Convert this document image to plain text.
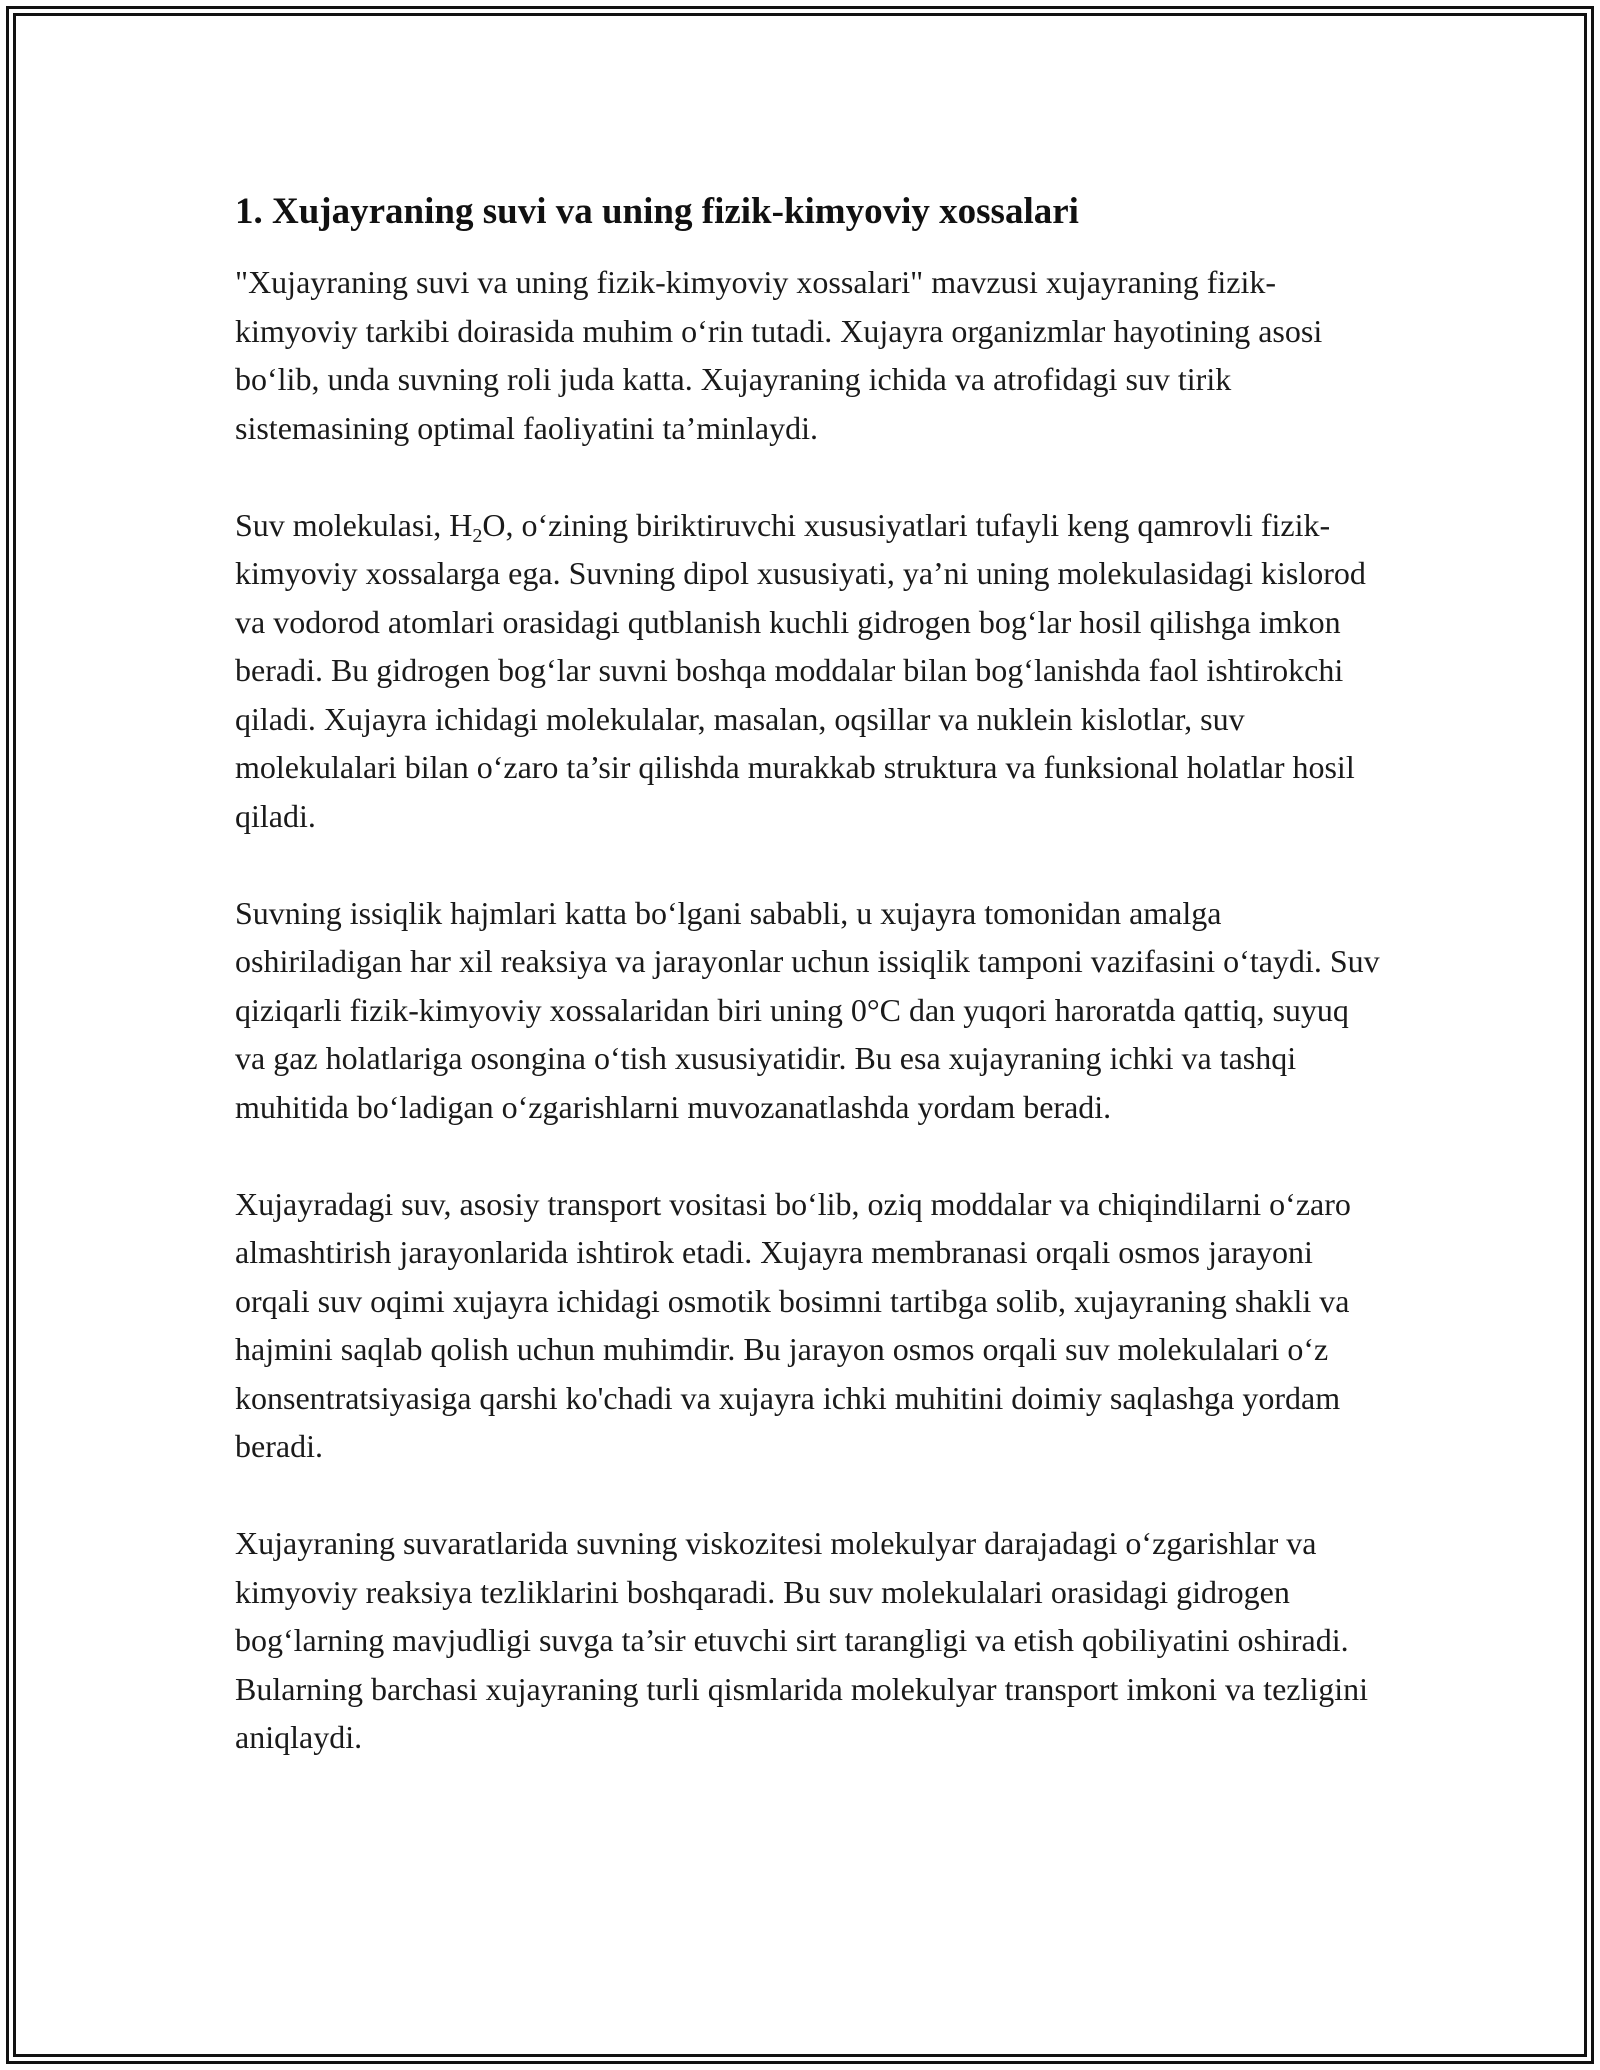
1. Xujayraning suvi va uning fizik-kimyoviy xossalari

"Xujayraning suvi va uning fizik-kimyoviy xossalari" mavzusi xujayraning fizik-kimyoviy tarkibi doirasida muhim o‘rin tutadi. Xujayra organizmlar hayotining asosi bo‘lib, unda suvning roli juda katta. Xujayraning ichida va atrofidagi suv tirik sistemasining optimal faoliyatini ta’minlaydi.

Suv molekulasi, $H_2O$, o‘zining biriktiruvchi xususiyatlari tufayli keng qamrovli fizik-kimyoviy xossalarga ega. Suvning dipol xususiyati, ya’ni uning molekulasidagi kislorod va vodorod atomlari orasidagi qutblanish kuchli gidrogen bog‘lar hosil qilishga imkon beradi. Bu gidrogen bog‘lar suvni boshqa moddalar bilan bog‘lanishda faol ishtirokchi qiladi. Xujayra ichidagi molekulalar, masalan, oqsillar va nuklein kislotlar, suv molekulalari bilan o‘zaro ta’sir qilishda murakkab struktura va funksional holatlar hosil qiladi.

Suvning issiqlik hajmlari katta bo‘lgani sababli, u xujayra tomonidan amalga oshiriladigan har xil reaksiya va jarayonlar uchun issiqlik tamponi vazifasini o‘taydi. Suv qiziqarli fizik-kimyoviy xossalaridan biri uning 0°C dan yuqori haroratda qattiq, suyuq va gaz holatlariga osongina o‘tish xususiyatidir. Bu esa xujayraning ichki va tashqi muhitida bo‘ladigan o‘zgarishlarni muvozanatlashda yordam beradi.

Xujayradagi suv, asosiy transport vositasi bo‘lib, oziq moddalar va chiqindilarni o‘zaro almashtirish jarayonlarida ishtirok etadi. Xujayra membranasi orqali osmos jarayoni orqali suv oqimi xujayra ichidagi osmotik bosimni tartibga solib, xujayraning shakli va hajmini saqlab qolish uchun muhimdir. Bu jarayon osmos orqali suv molekulalari o‘z konsentratsiyasiga qarshi ko'chadi va xujayra ichki muhitini doimiy saqlashga yordam beradi.

Xujayraning suvaratlarida suvning viskozitesi molekulyar darajadagi o‘zgarishlar va kimyoviy reaksiya tezliklarini boshqaradi. Bu suv molekulalari orasidagi gidrogen bog‘larning mavjudligi suvga ta’sir etuvchi sirt tarangligi va etish qobiliyatini oshiradi. Bularning barchasi xujayraning turli qismlarida molekulyar transport imkoni va tezligini aniqlaydi.
